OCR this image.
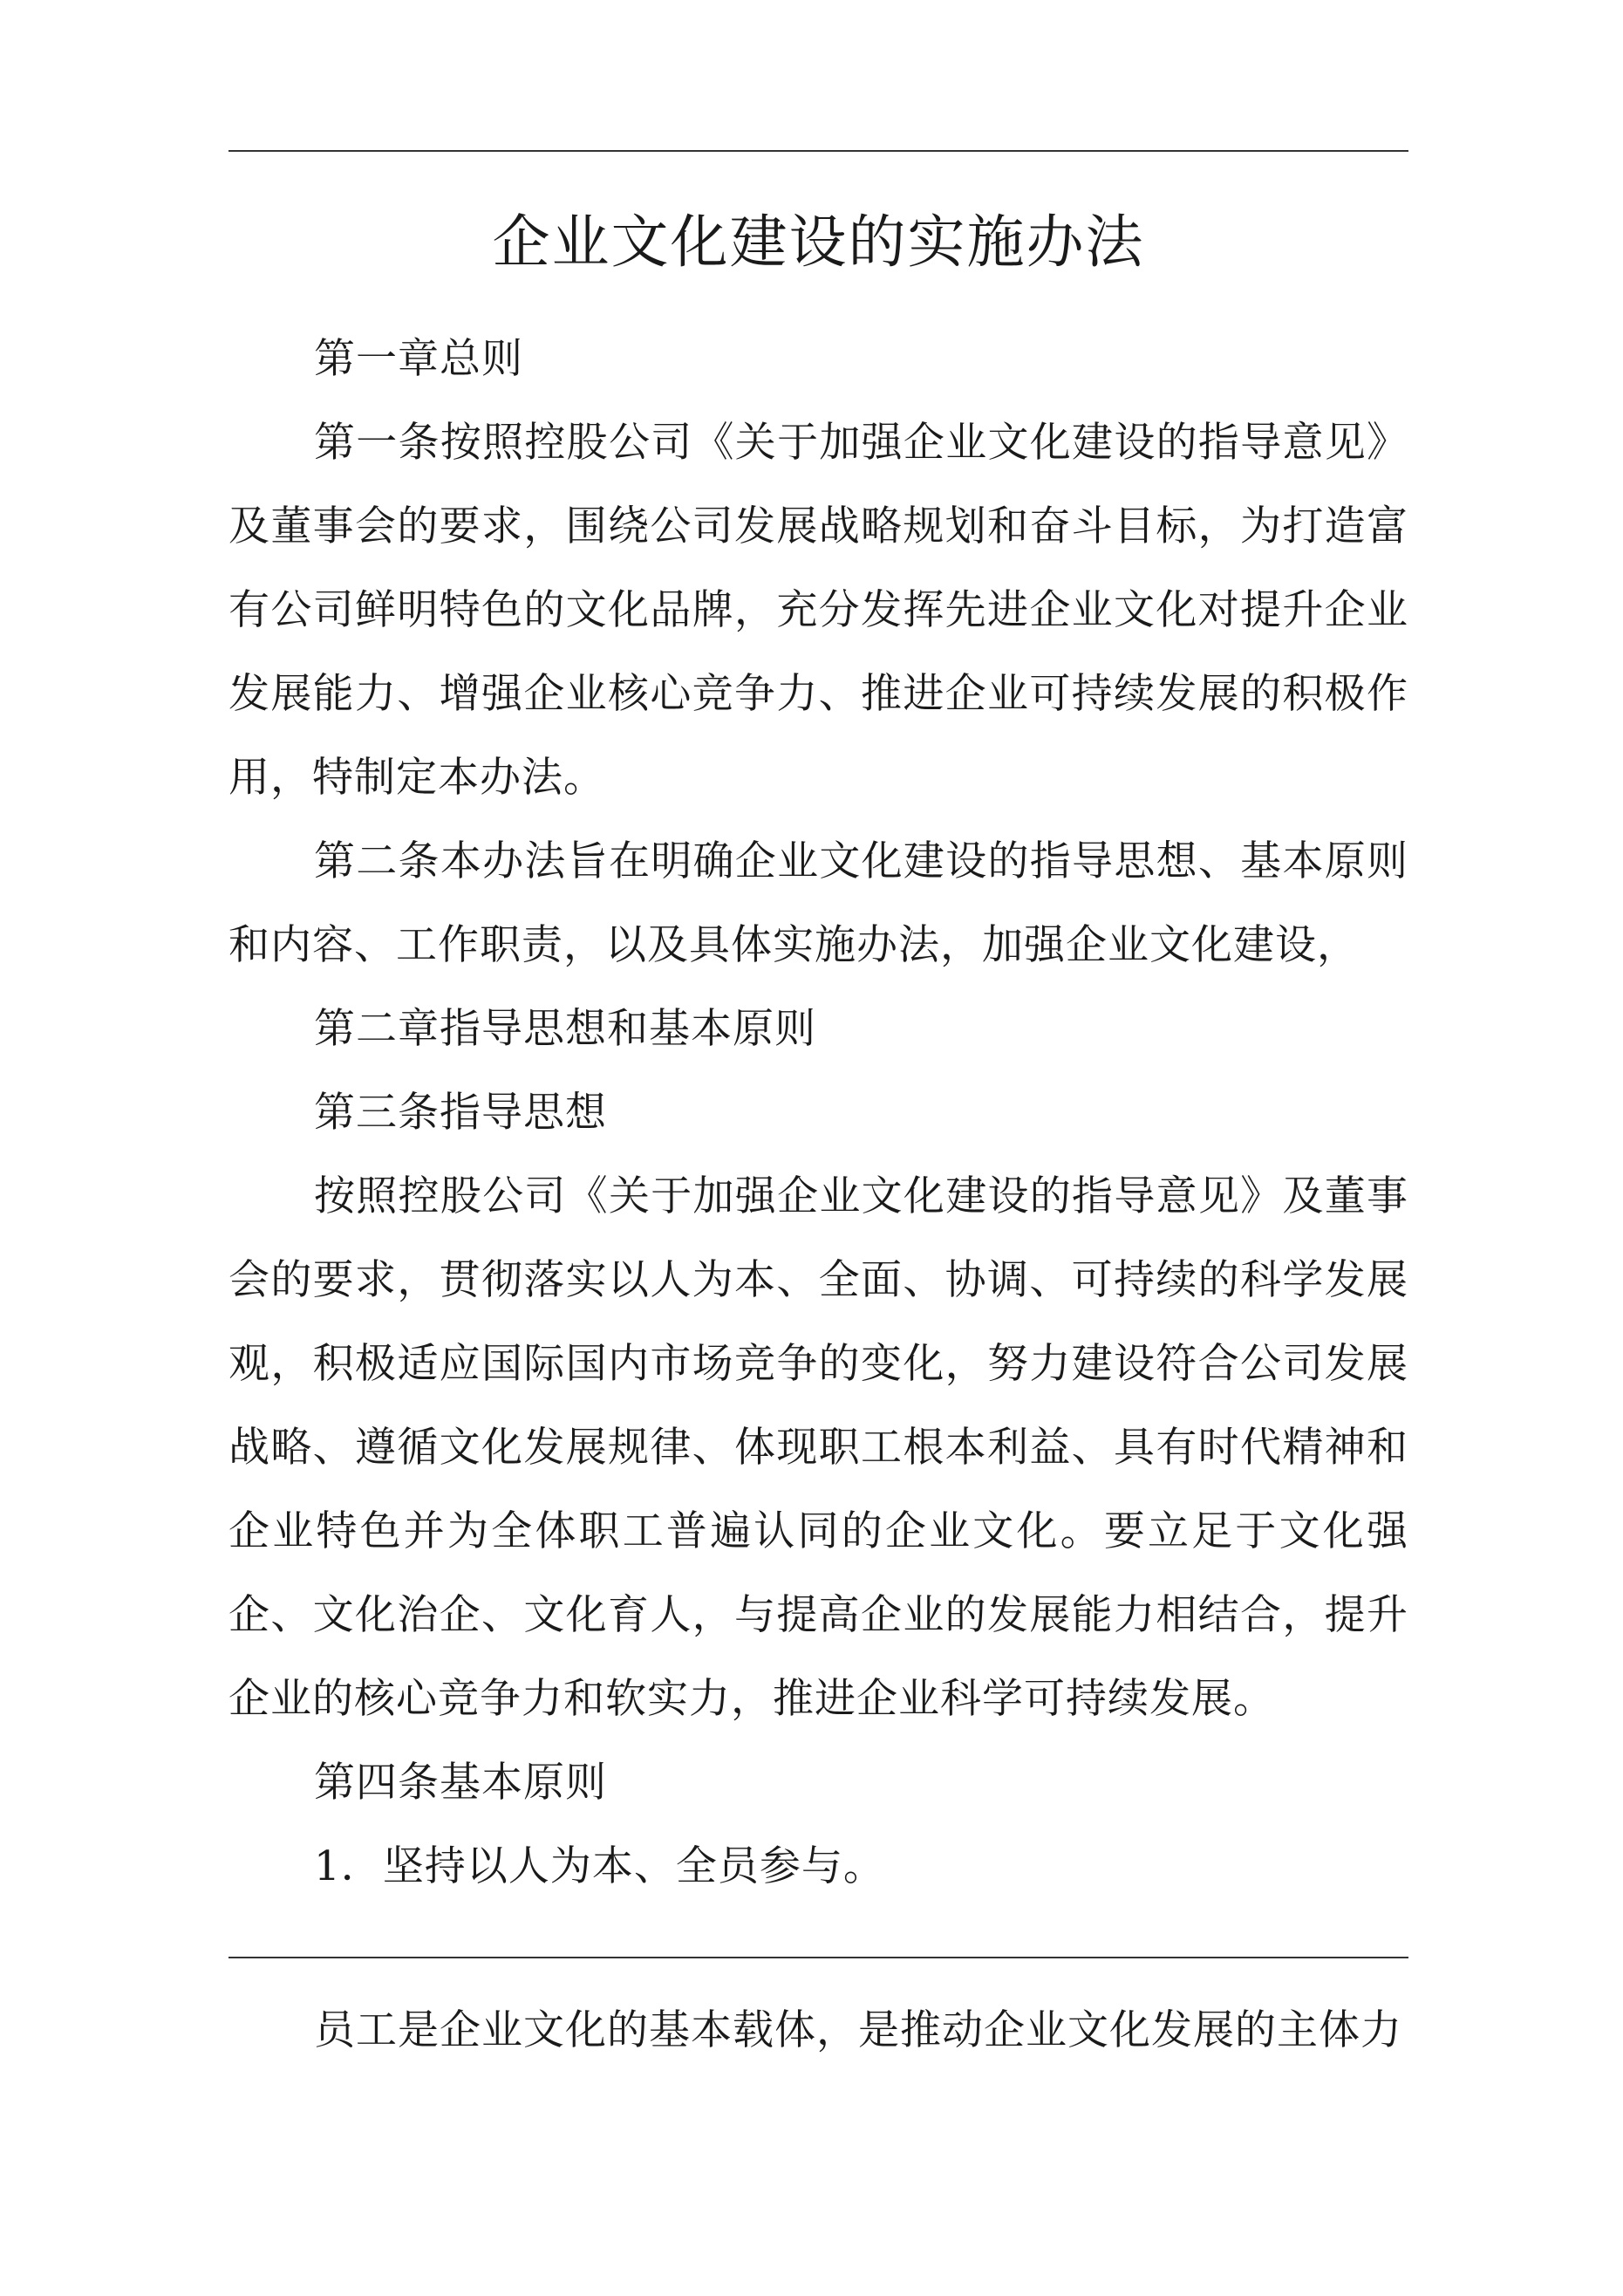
企业文化建设的实施办法

第一章总则

第一条按照控股公司《关于加强企业文化建设的指导意见》及董事会的要求，围绕公司发展战略规划和奋斗目标，为打造富有公司鲜明特色的文化品牌，充分发挥先进企业文化对提升企业发展能力、增强企业核心竞争力、推进企业可持续发展的积极作用，特制定本办法。

第二条本办法旨在明确企业文化建设的指导思想、基本原则和内容、工作职责，以及具体实施办法，加强企业文化建设，

第二章指导思想和基本原则

第三条指导思想

按照控股公司《关于加强企业文化建设的指导意见》及董事会的要求，贯彻落实以人为本、全面、协调、可持续的科学发展观，积极适应国际国内市场竞争的变化，努力建设符合公司发展战略、遵循文化发展规律、体现职工根本利益、具有时代精神和企业特色并为全体职工普遍认同的企业文化。要立足于文化强企、文化治企、文化育人，与提高企业的发展能力相结合，提升企业的核心竞争力和软实力，推进企业科学可持续发展。

第四条基本原则

1．坚持以人为本、全员参与。

员工是企业文化的基本载体，是推动企业文化发展的主体力
